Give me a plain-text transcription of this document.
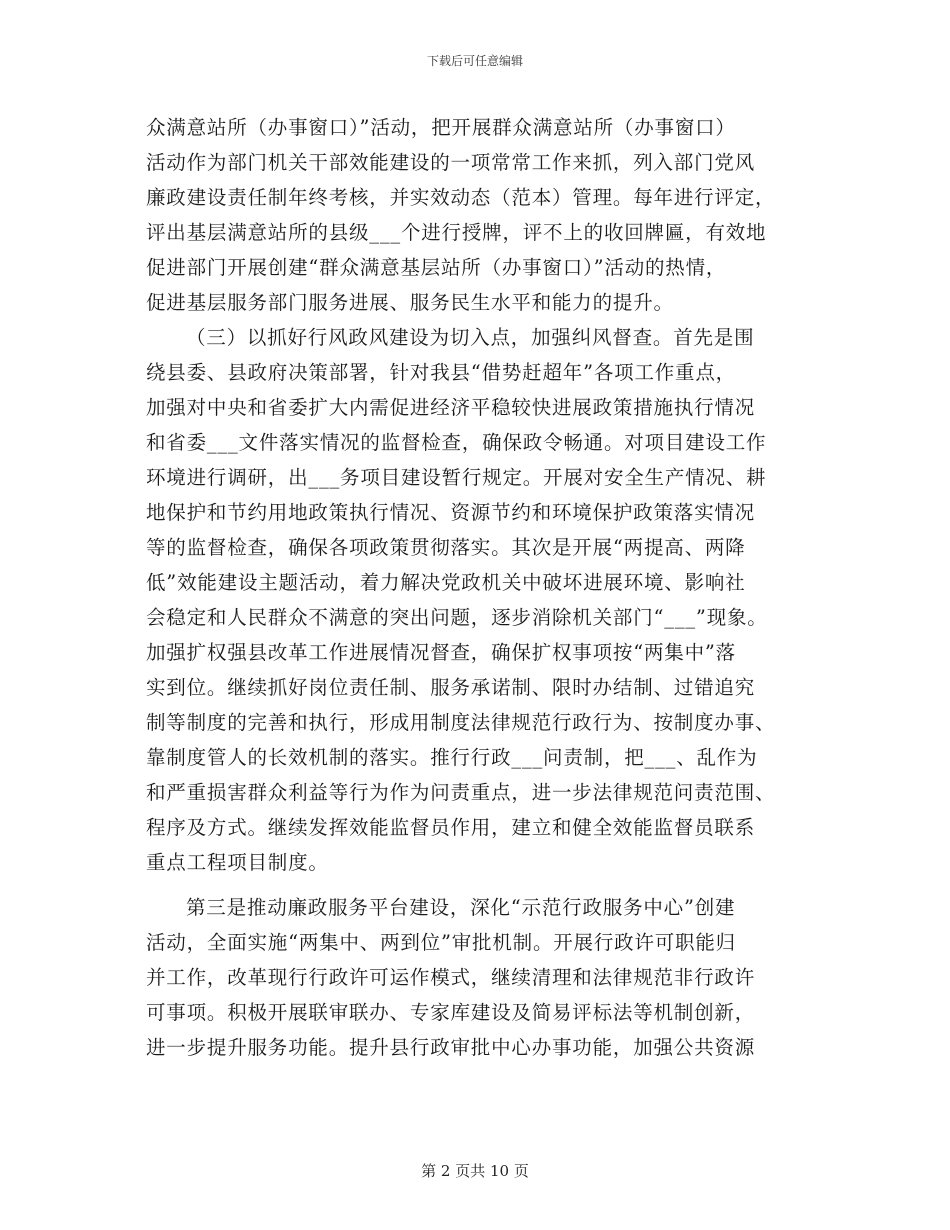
下载后可任意编辑
众满意站所（办事窗口）”活动，把开展群众满意站所（办事窗口）
活动作为部门机关干部效能建设的一项常常工作来抓，列入部门党风
廉政建设责任制年终考核，并实效动态（范本）管理。每年进行评定，
评出基层满意站所的县级___个进行授牌，评不上的收回牌匾，有效地
促进部门开展创建“群众满意基层站所（办事窗口）”活动的热情，
促进基层服务部门服务进展、服务民生水平和能力的提升。
（三）以抓好行风政风建设为切入点，加强纠风督查。首先是围
绕县委、县政府决策部署，针对我县“借势赶超年”各项工作重点，
加强对中央和省委扩大内需促进经济平稳较快进展政策措施执行情况
和省委___文件落实情况的监督检查，确保政令畅通。对项目建设工作
环境进行调研，出___务项目建设暂行规定。开展对安全生产情况、耕
地保护和节约用地政策执行情况、资源节约和环境保护政策落实情况
等的监督检查，确保各项政策贯彻落实。其次是开展“两提高、两降
低”效能建设主题活动，着力解决党政机关中破坏进展环境、影响社
会稳定和人民群众不满意的突出问题，逐步消除机关部门“___”现象。
加强扩权强县改革工作进展情况督查，确保扩权事项按“两集中”落
实到位。继续抓好岗位责任制、服务承诺制、限时办结制、过错追究
制等制度的完善和执行，形成用制度法律规范行政行为、按制度办事、
靠制度管人的长效机制的落实。推行行政___问责制，把___、乱作为
和严重损害群众利益等行为作为问责重点，进一步法律规范问责范围、
程序及方式。继续发挥效能监督员作用，建立和健全效能监督员联系
重点工程项目制度。
第三是推动廉政服务平台建设，深化“示范行政服务中心”创建
活动，全面实施“两集中、两到位”审批机制。开展行政许可职能归
并工作，改革现行行政许可运作模式，继续清理和法律规范非行政许
可事项。积极开展联审联办、专家库建设及简易评标法等机制创新，
进一步提升服务功能。提升县行政审批中心办事功能，加强公共资源
第 2 页共 10 页
